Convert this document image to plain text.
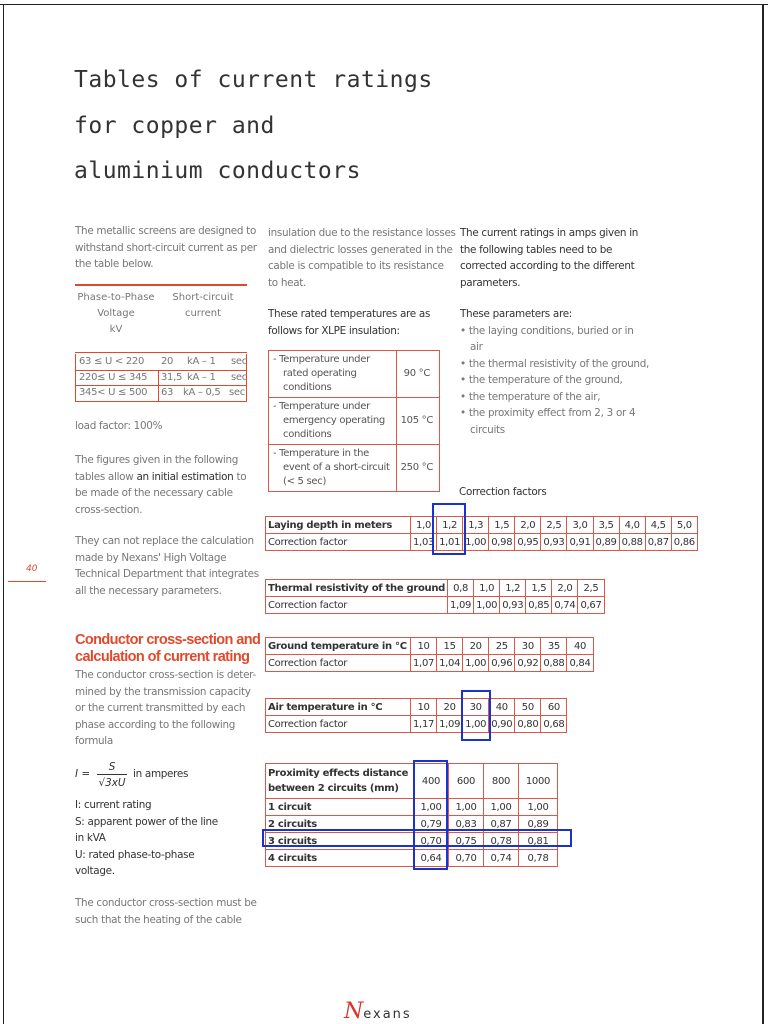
Tables of current ratings
for copper and
aluminium conductors

The metallic screens are designed to

withstand short-circuit current as per

the table below.

Phase-to-Phase
Voltage
kV
Short-circuit
current
63 ≤ U < 220 20 kA – 1 sec
220≤ U ≤ 345 31,5 kA – 1 sec
345< U ≤ 500 63 kA – 0,5 sec

load factor: 100%

The figures given in the following

tables allow an initial estimation to

be made of the necessary cable

cross-section.

They can not replace the calculation

made by Nexans' High Voltage

Technical Department that integrates

all the necessary parameters.

40
Conductor cross-section and
calculation of current rating

The conductor cross-section is deter-

mined by the transmission capacity

or the current transmitted by each

phase according to the following

formula

I =
S
√3xU
in amperes

I: current rating

S: apparent power of the line

in kVA

U: rated phase-to-phase

voltage.

The conductor cross-section must be

such that the heating of the cable

insulation due to the resistance losses

and dielectric losses generated in the

cable is compatible to its resistance

to heat.

These rated temperatures are as

follows for XLPE insulation:

- Temperature under
rated operating
conditions	90 °C

- Temperature under
emergency operating
conditions	105 °C

- Temperature in the
event of a short-circuit
(< 5 sec)	250 °C

The current ratings in amps given in

the following tables need to be

corrected according to the different

parameters.

These parameters are:

• the laying conditions, buried or in

air

• the thermal resistivity of the ground,

• the temperature of the ground,

• the temperature of the air,

• the proximity effect from 2, 3 or 4

circuits

Correction factors
Laying depth in meters	1,0	1,2	1,3	1,5	2,0	2,5	3,0	3,5	4,0	4,5	5,0
Correction factor	1,03	1,01	1,00	0,98	0,95	0,93	0,91	0,89	0,88	0,87	0,86
Thermal resistivity of the ground	0,8	1,0	1,2	1,5	2,0	2,5
Correction factor	1,09	1,00	0,93	0,85	0,74	0,67
Ground temperature in °C	10	15	20	25	30	35	40
Correction factor	1,07	1,04	1,00	0,96	0,92	0,88	0,84
Air temperature in °C	10	20	30	40	50	60
Correction factor	1,17	1,09	1,00	0,90	0,80	0,68
Proximity effects distance
between 2 circuits (mm)	400	600	800	1000
1 circuit	1,00	1,00	1,00	1,00
2 circuits	0,79	0,83	0,87	0,89
3 circuits	0,70	0,75	0,78	0,81
4 circuits	0,64	0,70	0,74	0,78
Nexans
